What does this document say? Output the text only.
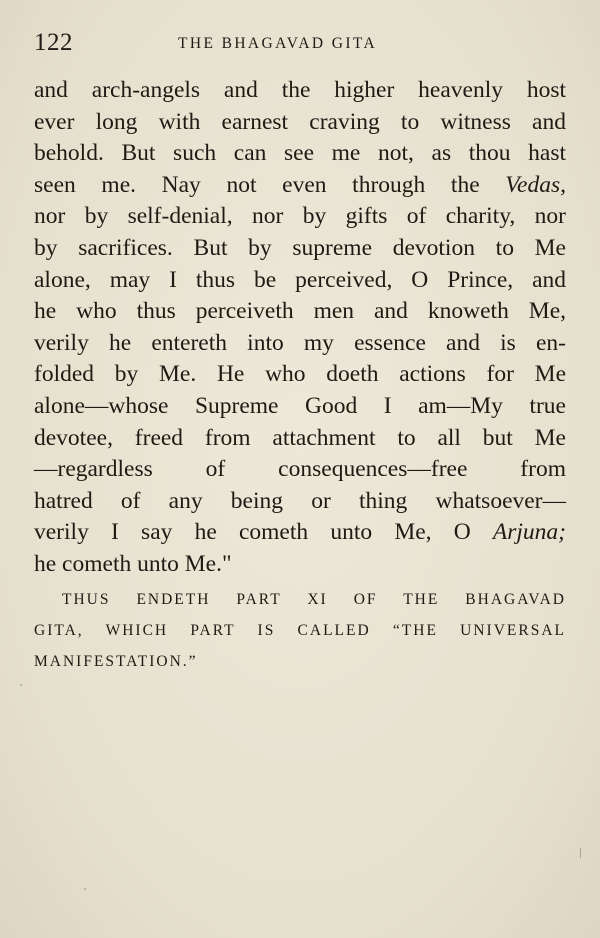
122	THE BHAGAVAD GITA
and arch-angels and the higher heavenly host
ever long with earnest craving to witness and
behold. But such can see me not, as thou hast
seen me. Nay not even through the Vedas,
nor by self-denial, nor by gifts of charity, nor
by sacrifices. But by supreme devotion to Me
alone, may I thus be perceived, O Prince, and
he who thus perceiveth men and knoweth Me,
verily he entereth into my essence and is en-
folded by Me. He who doeth actions for Me
alone—whose Supreme Good I am—My true
devotee, freed from attachment to all but Me
—regardless of consequences—free from
hatred of any being or thing whatsoever—
verily I say he cometh unto Me, O Arjuna;
he cometh unto Me."
THUS ENDETH PART XI OF THE BHAGAVAD
GITA, WHICH PART IS CALLED “THE UNIVERSAL
MANIFESTATION.”
